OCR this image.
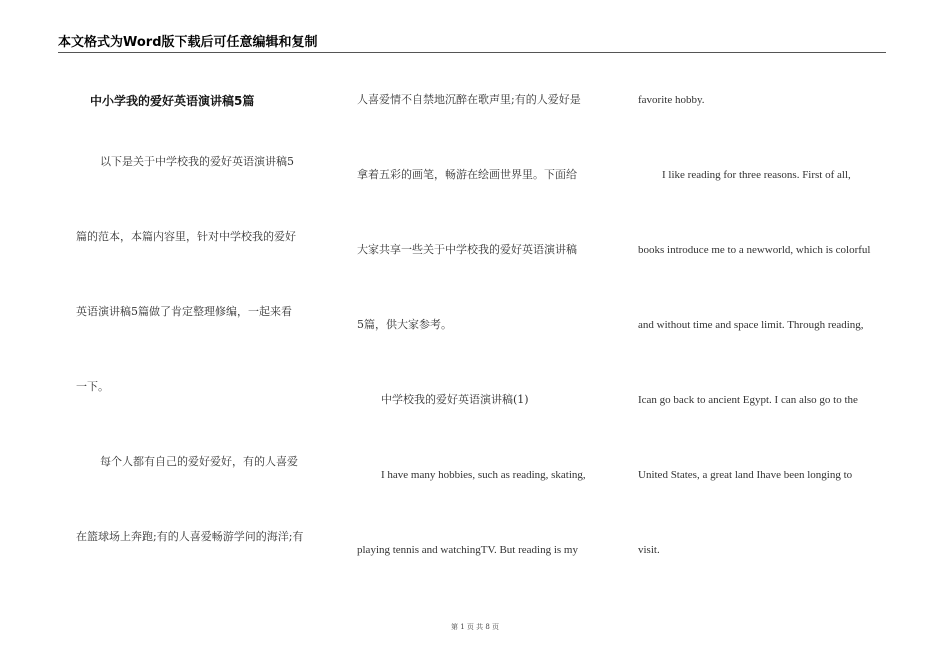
本文格式为Word版下载后可任意编辑和复制
中小学我的爱好英语演讲稿5篇
以下是关于中学校我的爱好英语演讲稿5
篇的范本，本篇内容里，针对中学校我的爱好
英语演讲稿5篇做了肯定整理修编，一起来看
一下。
每个人都有自己的爱好爱好，有的人喜爱
在篮球场上奔跑;有的人喜爱畅游学问的海洋;有
人喜爱情不自禁地沉醉在歌声里;有的人爱好是
拿着五彩的画笔，畅游在绘画世界里。下面给
大家共享一些关于中学校我的爱好英语演讲稿
5篇，供大家参考。
中学校我的爱好英语演讲稿(1)
I have many hobbies, such as reading, skating,
playing tennis and watchingTV. But reading is my
favorite hobby.
I like reading for three reasons. First of all,
books introduce me to a newworld, which is colorful
and without time and space limit. Through reading,
Ican go back to ancient Egypt. I can also go to the
United States, a great land Ihave been longing to
visit.
第 1 页 共 8 页
